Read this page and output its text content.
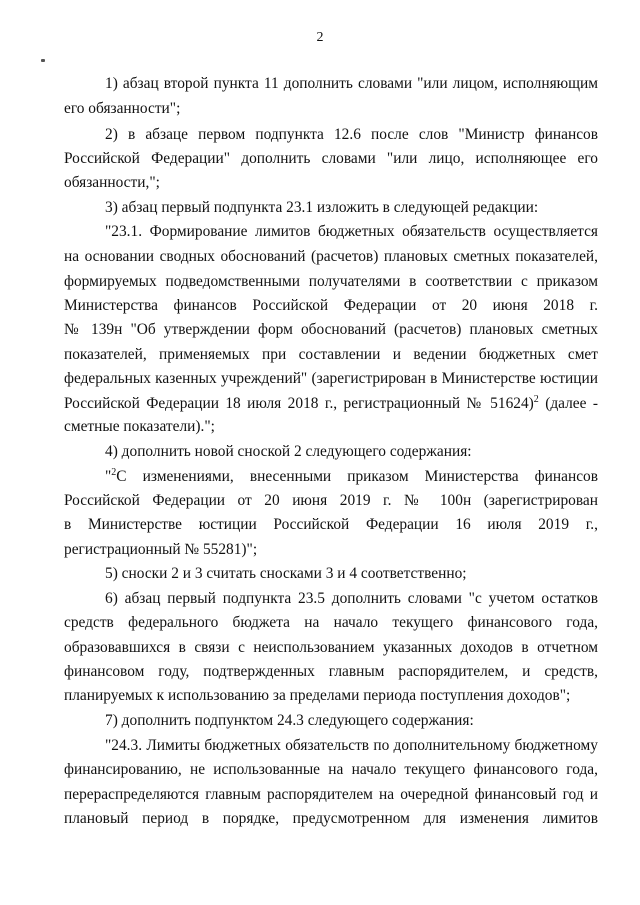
2
1) абзац второй пункта 11 дополнить словами "или лицом, исполняющим
его обязанности";
2) в абзаце первом подпункта 12.6 после слов "Министр финансов
Российской Федерации" дополнить словами "или лицо, исполняющее его
обязанности,";
3) абзац первый подпункта 23.1 изложить в следующей редакции:
"23.1. Формирование лимитов бюджетных обязательств осуществляется
на основании сводных обоснований (расчетов) плановых сметных показателей,
формируемых подведомственными получателями в соответствии с приказом
Министерства финансов Российской Федерации от 20 июня 2018 г.
№ 139н "Об утверждении форм обоснований (расчетов) плановых сметных
показателей, применяемых при составлении и ведении бюджетных смет
федеральных казенных учреждений" (зарегистрирован в Министерстве юстиции
Российской Федерации 18 июля 2018 г., регистрационный № 51624)$^2$ (далее -
сметные показатели).";
4) дополнить новой сноской 2 следующего содержания:
"$^2$С изменениями, внесенными приказом Министерства финансов
Российской Федерации от 20 июня 2019 г. № 100н (зарегистрирован
в Министерстве юстиции Российской Федерации 16 июля 2019 г.,
регистрационный № 55281)";
5) сноски 2 и 3 считать сносками 3 и 4 соответственно;
6) абзац первый подпункта 23.5 дополнить словами "с учетом остатков
средств федерального бюджета на начало текущего финансового года,
образовавшихся в связи с неиспользованием указанных доходов в отчетном
финансовом году, подтвержденных главным распорядителем, и средств,
планируемых к использованию за пределами периода поступления доходов";
7) дополнить подпунктом 24.3 следующего содержания:
"24.3. Лимиты бюджетных обязательств по дополнительному бюджетному
финансированию, не использованные на начало текущего финансового года,
перераспределяются главным распорядителем на очередной финансовый год и
плановый период в порядке, предусмотренном для изменения лимитов
